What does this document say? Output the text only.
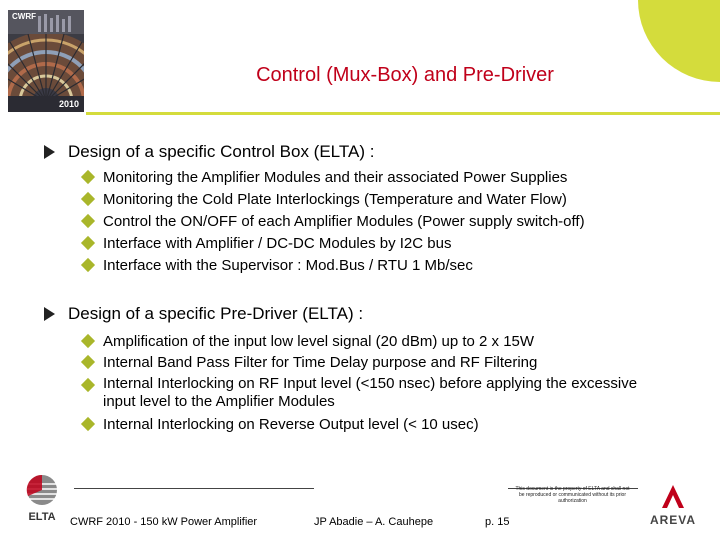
CWRF
2010
Control (Mux-Box) and Pre-Driver
Design of a specific Control Box (ELTA) :
Monitoring the Amplifier Modules and their associated Power Supplies
Monitoring the Cold Plate Interlockings (Temperature and Water Flow)
Control the ON/OFF of each Amplifier Modules (Power supply switch-off)
Interface with Amplifier / DC-DC Modules by I2C bus
Interface with the Supervisor : Mod.Bus / RTU 1 Mb/sec
Design of a specific Pre-Driver (ELTA) :
Amplification of the input low level signal (20 dBm) up to 2 x 15W
Internal Band Pass Filter for Time Delay purpose and RF Filtering
Internal Interlocking on RF Input level (<150 nsec) before applying the excessive input level to the Amplifier Modules
Internal Interlocking on Reverse Output level (< 10 usec)
ELTA
This document is the property of ELTA and shall not be reproduced or communicated without its prior authorization
CWRF 2010 - 150 kW Power Amplifier	JP Abadie – A. Cauhepe	p. 15	AREVA
